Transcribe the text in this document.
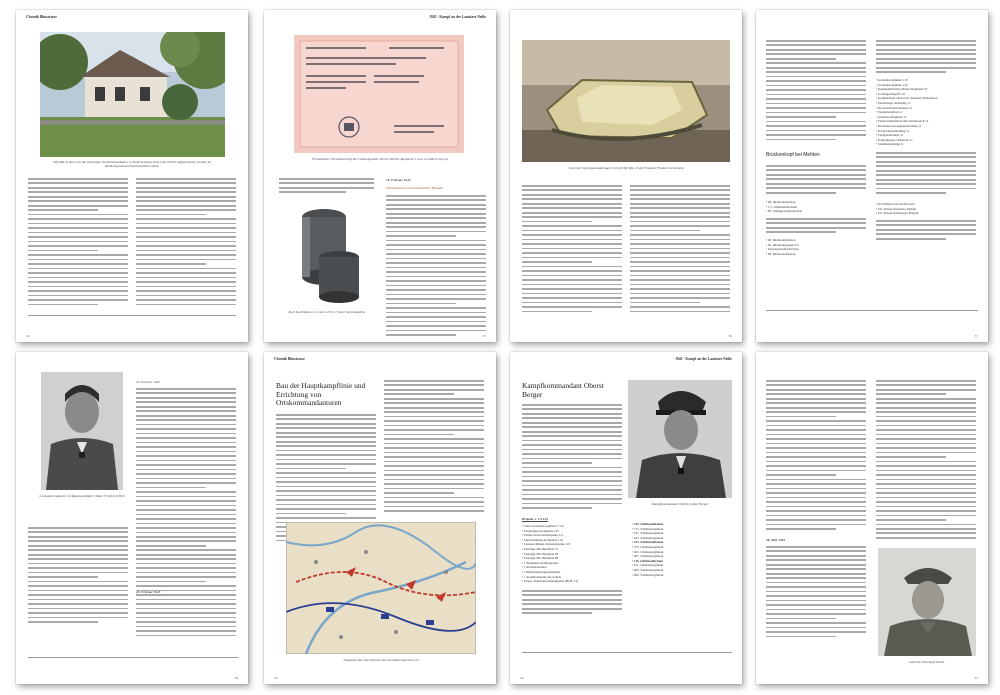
Chronik Blutstrasse
Gifhalde in dem sich die ehemalige Ortskommandantur in Stadt Schönau einst und 2.Estrit aufgenommen worden im Weltkriegsmonat II jahreszeitlich stehen
34
1945 - Kampf an der Lausitzer Neiße
Freilaminiter Versandvertrag der Ordnungsstelle Teil im Werber-Regiment 5 vom 12.Jindl in 2ng 41
Zwei Kochhülsen 21-1 als 2.18 (1.7) nach Sternhausfeld
1b. Februar 1945
Gleichgesinnt wit mechanisierter Brigade
35
Geschiert Sprengausstattungen 3.Schritt für Kfz. 10 als Folgsam Flusseil versenkend
36
Brückenkopf bei Mehlen
• 68. Infanteriedivision
• 171. Infanteriedivision
• 85. Volksgrenadierdivision
• 68. Infanteriedivision
• Nr. Infanteriegruppe 2/2
• Panzergrenadierdivision
• 68. Infanteriedivision
• Grenadierregiment 118
• Grenadierregiment 120
• Regimentsbüchse Marine Regiment 37
• Granatgerätegriff 121
• Kommandeur Oberst Dr. Johannes Riebersnow
• Pionierlager Abteilung 11
• Divisionsfeldersbatterie 11
• Pionierbataillon 11
• Artillerie-Regiment 11
• Feldersatzbataillon mit Stabsbereich 12
• Divisionsversorgungsabteilung 11
• Nachrichtenabteilung 11
• Feldgendarmerie 11
• Kampfgruppe Waldecke 11
• Sanitätsabteilung 11
• 46 Waffenrat für Kraftwesen
• 6 ll. Panzer-Infanterie-Einheit
• 6 ll. Panzer-Feldgruppe Brigade
37
Grenadierregiment 114 Regimentsführer Major Friedrich Pfeil
20. Februar 1945
20. Februar 1945
38
Chronik Blutstrasse
Bau der Hauptkampflinie und Errichtung von Ortskommandanturen
Lageplan über die Schlacht mit Grenadierregiment 114
39
1945 - Kampf an der Lausitzer Neiße
Kampfkommandant Oberst Berger
Kampfkommandant Oberst Lothar Berger
Brigade 1. 1.9.145
• Volks Grenadierregiment 1 121
• Panzerjäger-Kompanie 165
• Panzer-Zerstörerkompanie 111
• Sturmschützen-Kompanie 116
• Landesschützen-Stabskompanie 113
• Festungs-MG-Bataillon 31
• Festungs-MG-Bataillon 82
• Festungs-MG-Bataillon 88
• 1 Bergmann-Zeltkompanie
• 1 Arbeitsbataillon
• 1 Befreiungstruppenkammer
• 1 Alarmkompanie der Schule
• Ungar.-Panzerabwehrkompanie (HOK 14)
• 210. Schützendivision
• 175. Schützenregiment
• 231. Schützenregiment
• 241. Schützenregiment
• 233. Schützendivision
• 375. Schützenregiment
• 465. Schützenregiment
• 487. Schützenregiment
• 110. Schützendivision
• 611. Schützenregiment
• 665. Schützenregiment
• 690. Schützenregiment
40
28. Mär 1945
Gefreiter Eberhard Weller
41
